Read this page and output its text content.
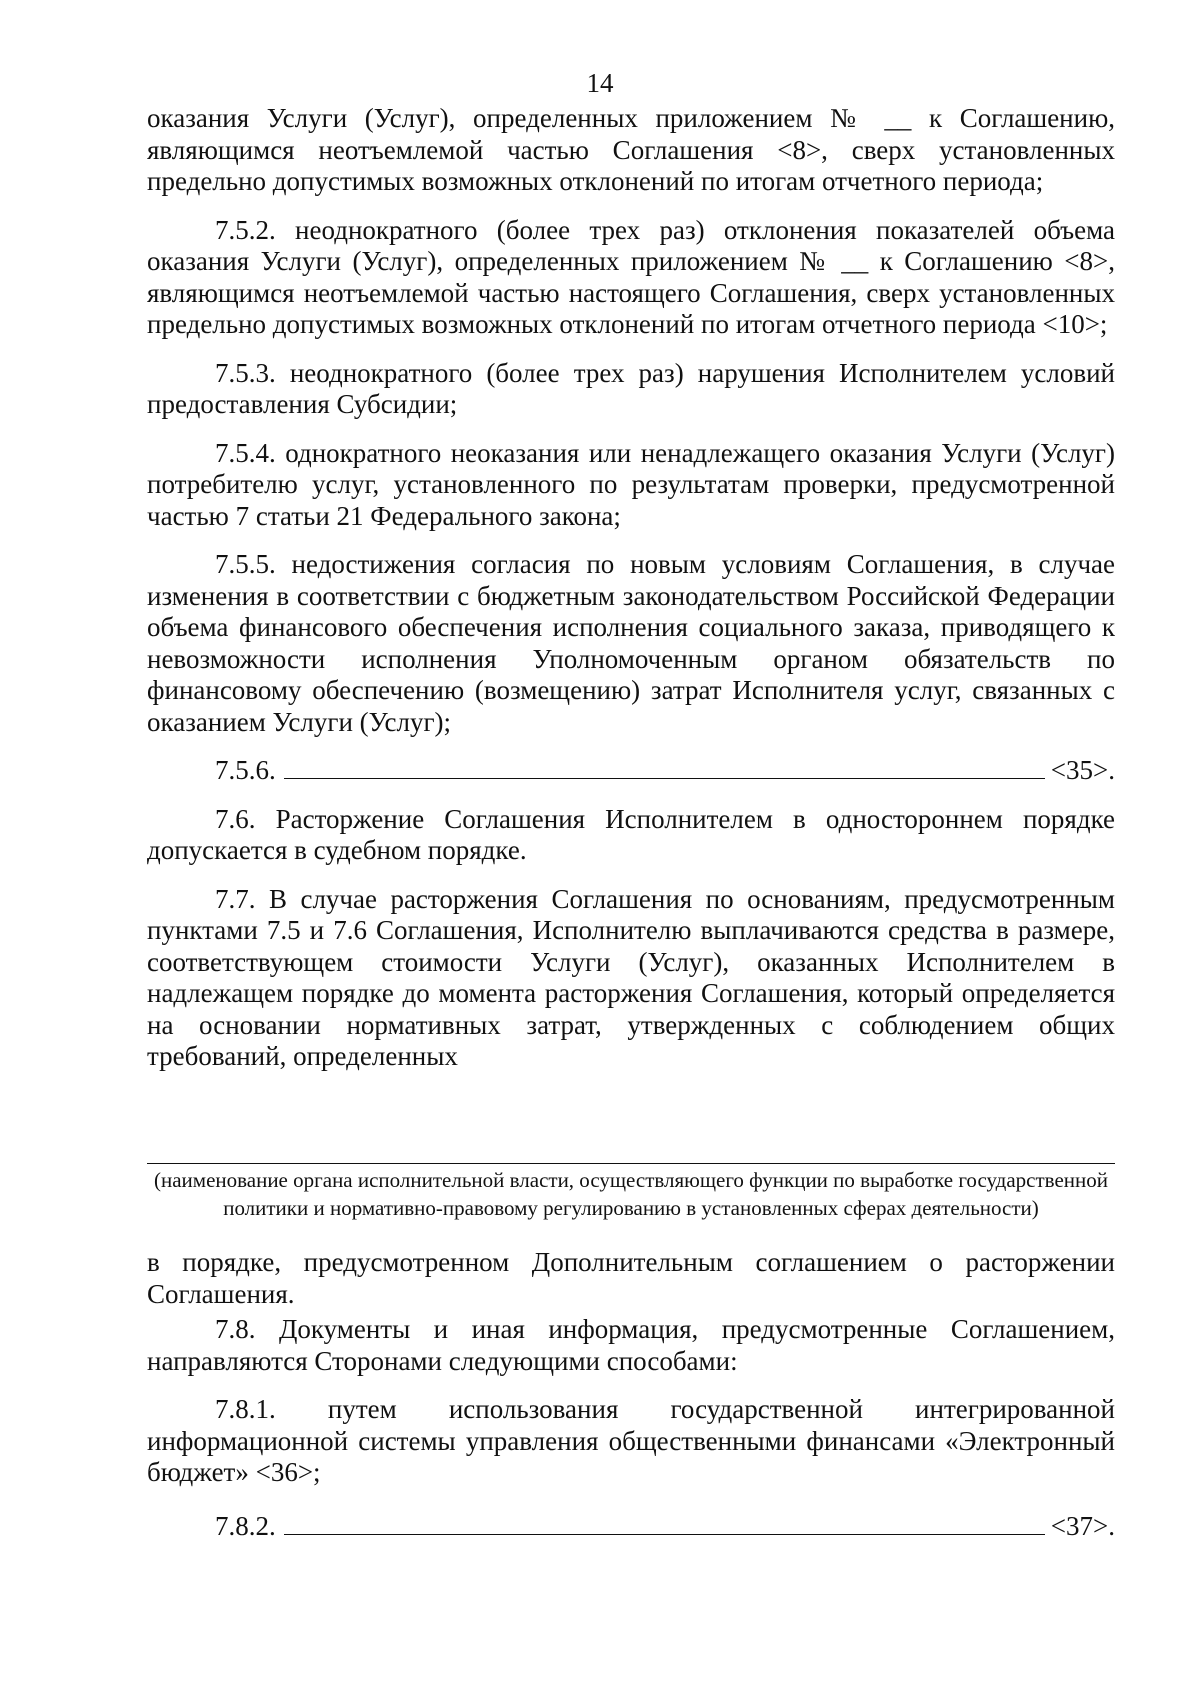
14

оказания Услуги (Услуг), определенных приложением № __ к Соглашению, являющимся неотъемлемой частью Соглашения <8>, сверх установленных предельно допустимых возможных отклонений по итогам отчетного периода;

7.5.2. неоднократного (более трех раз) отклонения показателей объема оказания Услуги (Услуг), определенных приложением № __ к Соглашению <8>, являющимся неотъемлемой частью настоящего Соглашения, сверх установленных предельно допустимых возможных отклонений по итогам отчетного периода <10>;

7.5.3. неоднократного (более трех раз) нарушения Исполнителем условий предоставления Субсидии;

7.5.4. однократного неоказания или ненадлежащего оказания Услуги (Услуг) потребителю услуг, установленного по результатам проверки, предусмотренной частью 7 статьи 21 Федерального закона;

7.5.5. недостижения согласия по новым условиям Соглашения, в случае изменения в соответствии с бюджетным законодательством Российской Федерации объема финансового обеспечения исполнения социального заказа, приводящего к невозможности исполнения Уполномоченным органом обязательств по финансовому обеспечению (возмещению) затрат Исполнителя услуг, связанных с оказанием Услуги (Услуг);

7.5.6.	<35>.

7.6. Расторжение Соглашения Исполнителем в одностороннем порядке допускается в судебном порядке.

7.7. В случае расторжения Соглашения по основаниям, предусмотренным пунктами 7.5 и 7.6 Соглашения, Исполнителю выплачиваются средства в размере, соответствующем стоимости Услуги (Услуг), оказанных Исполнителем в надлежащем порядке до момента расторжения Соглашения, который определяется на основании нормативных затрат, утвержденных с соблюдением общих требований, определенных

(наименование органа исполнительной власти, осуществляющего функции по выработке государственной политики и нормативно-правовому регулированию в установленных сферах деятельности)

в порядке, предусмотренном Дополнительным соглашением о расторжении Соглашения.

7.8. Документы и иная информация, предусмотренные Соглашением, направляются Сторонами следующими способами:

7.8.1. путем использования государственной интегрированной информационной системы управления общественными финансами «Электронный бюджет» <36>;

7.8.2.	<37>.
